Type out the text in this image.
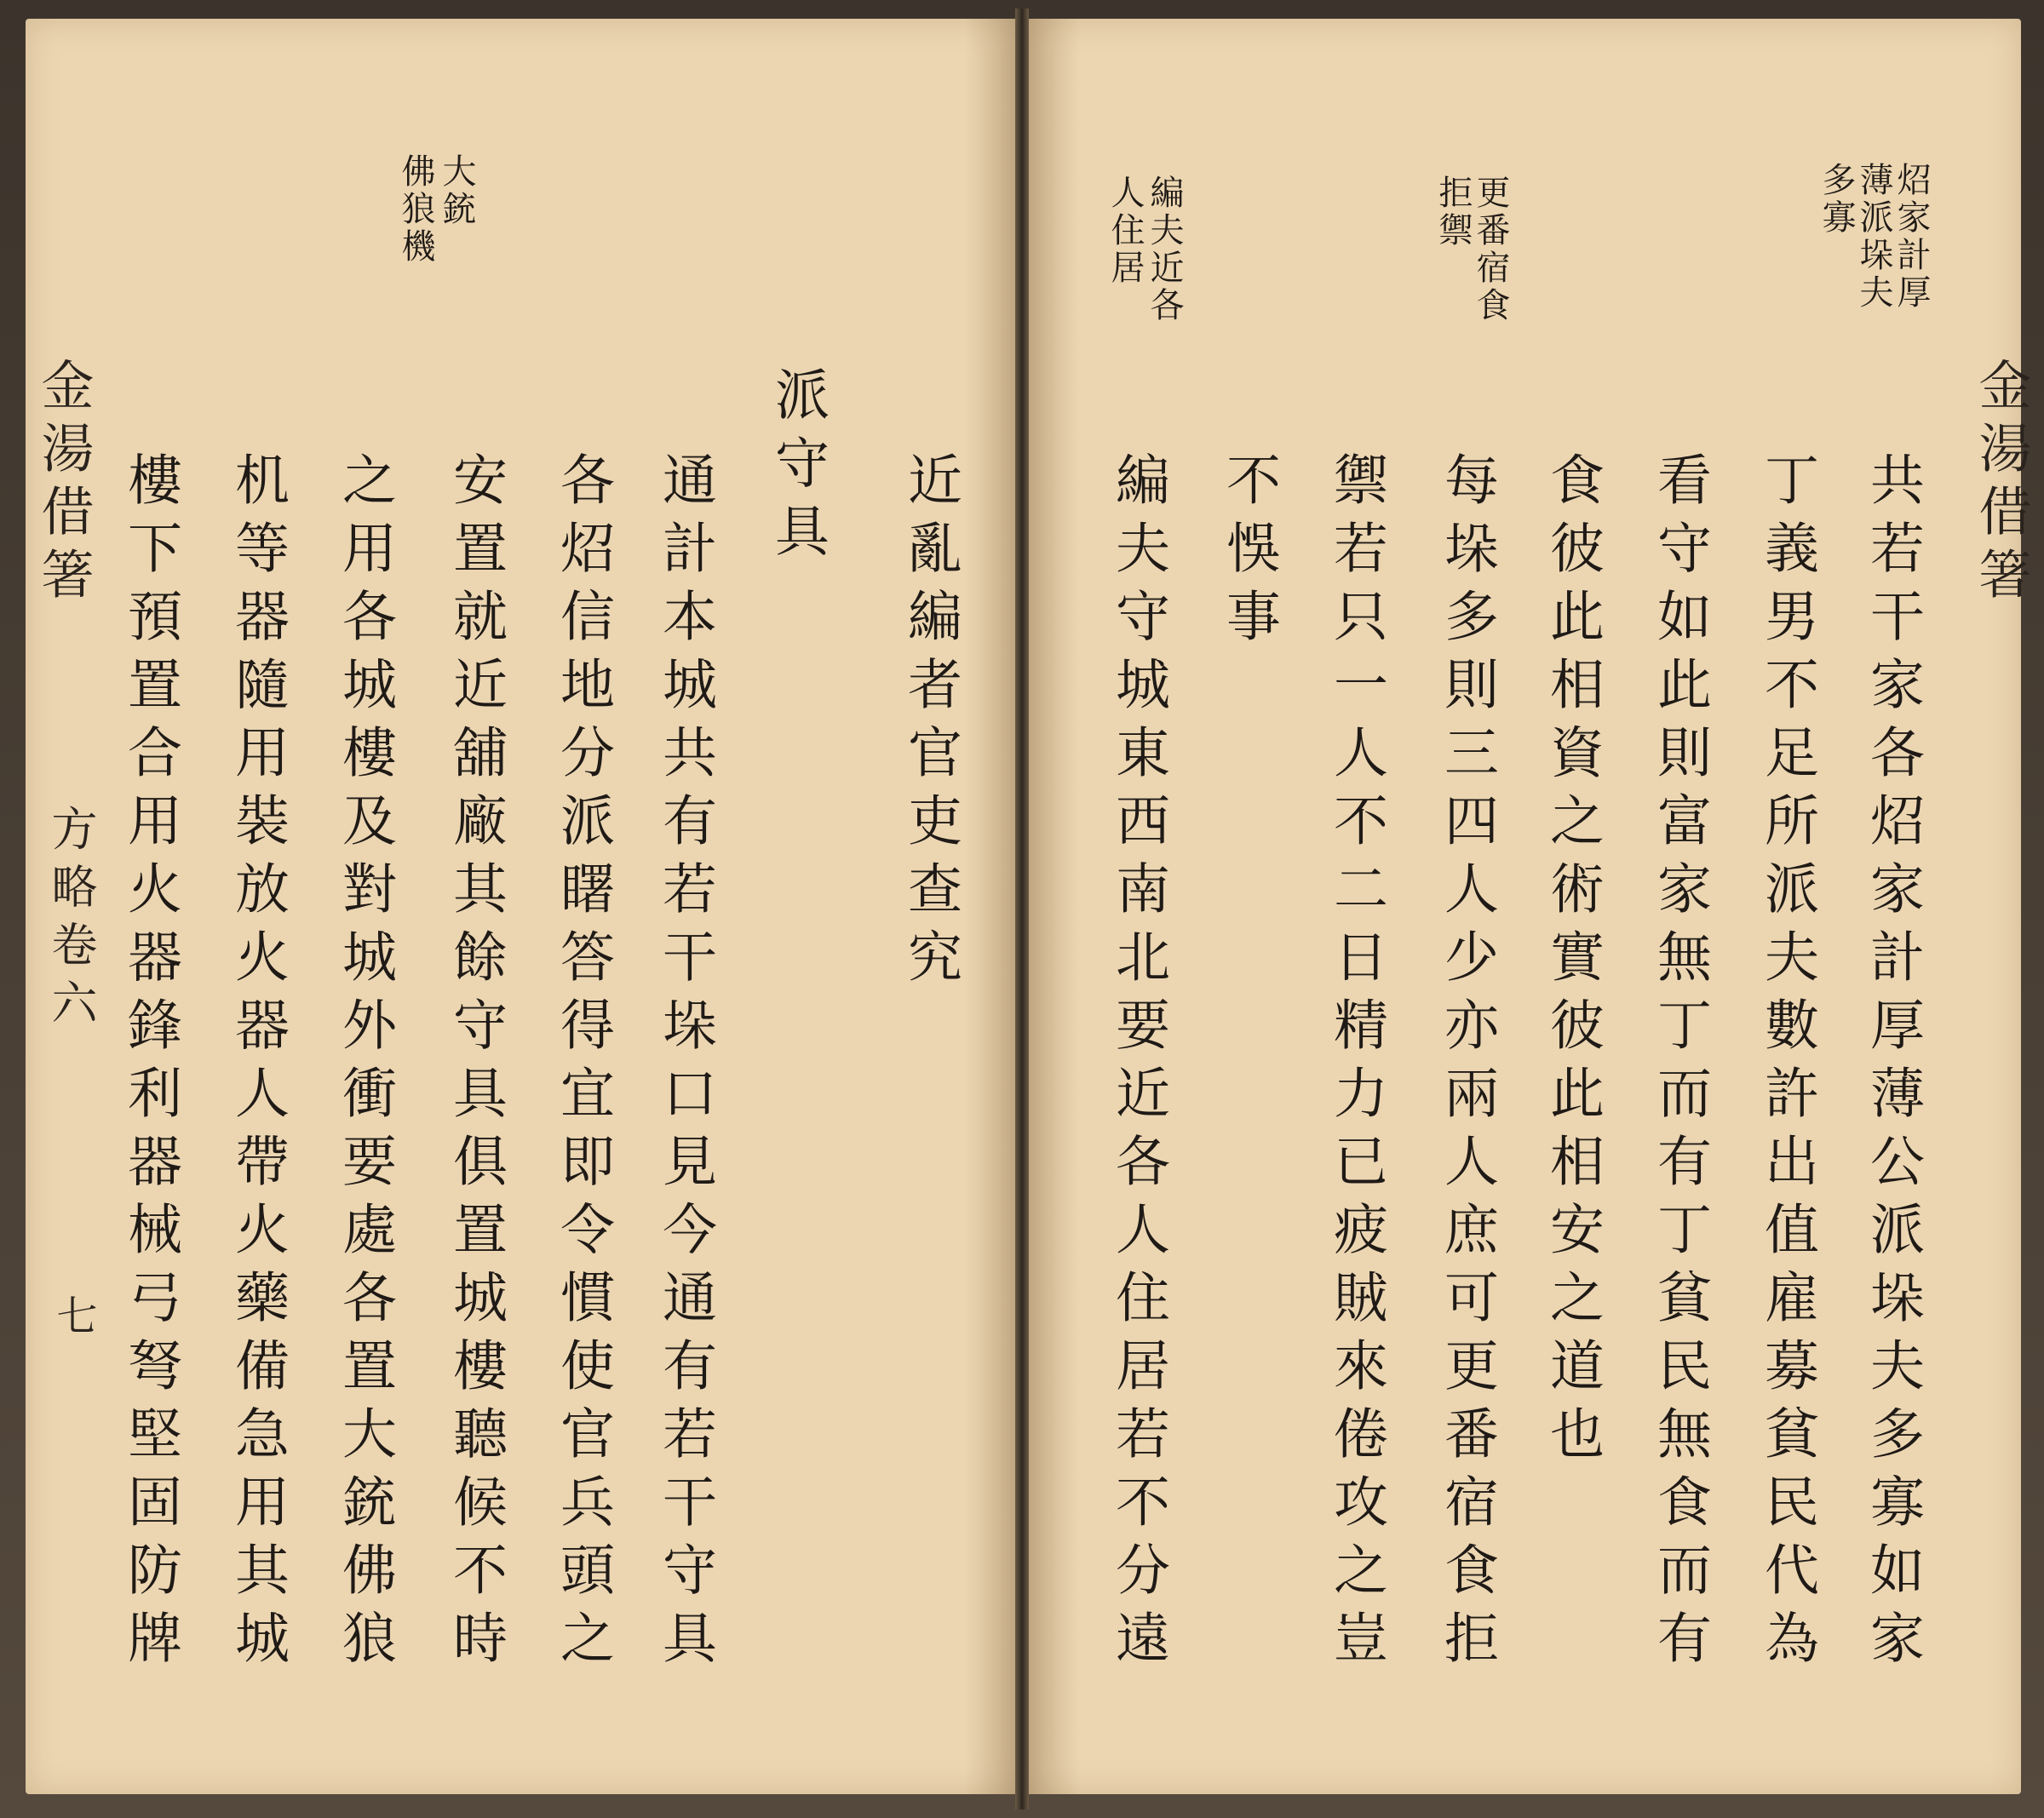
金湯借箸
方略卷六
七
大銃
佛狼機
近亂編者官吏查究
派守具
通計本城共有若干垛口見今通有若干守具
各炤信地分派𥌓答得宜即令慣使官兵頭之
安置就近舖廠其餘守具俱置城樓聽候不時
之用各城樓及對城外衝要處各置大銃佛狼
机等器隨用裝放火器人帶火藥備急用其城
樓下預置合用火器鋒利器械弓弩堅固防牌	金湯借箸
炤家計厚
薄派垛夫
多寡
更番宿食
拒禦
編夫近各
人住居
共若干家各炤家計厚薄公派垛夫多寡如家
丁義男不足所派夫數許出值雇募貧民代為
看守如此則富家無丁而有丁貧民無食而有
食彼此相資之術實彼此相安之道也
每垛多則三四人少亦兩人庶可更番宿食拒
禦若只一人不二日精力已疲賊來倦攻之豈
不悞事
編夫守城東西南北要近各人住居若不分遠
